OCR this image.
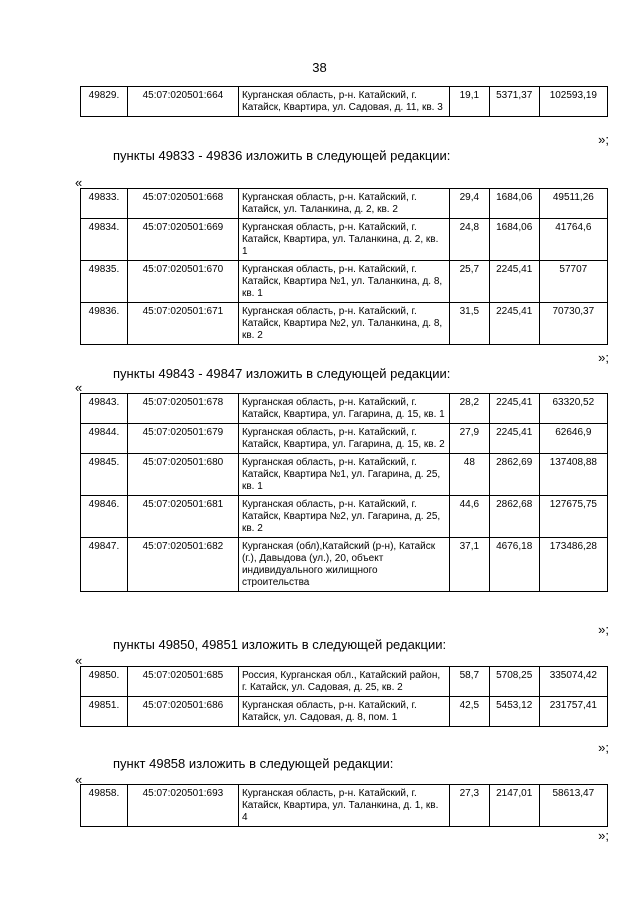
38
49829.	45:07:020501:664	Курганская область, р-н. Катайский, г. Катайск, Квартира, ул. Садовая, д. 11, кв. 3	19,1	5371,37	102593,19
»;
пункты 49833 - 49836 изложить в следующей редакции:
«
49833.	45:07:020501:668	Курганская область, р-н. Катайский, г. Катайск, ул. Таланкина, д. 2, кв. 2	29,4	1684,06	49511,26
49834.	45:07:020501:669	Курганская область, р-н. Катайский, г. Катайск, Квартира, ул. Таланкина, д. 2, кв. 1	24,8	1684,06	41764,6
49835.	45:07:020501:670	Курганская область, р-н. Катайский, г. Катайск, Квартира №1, ул. Таланкина, д. 8, кв. 1	25,7	2245,41	57707
49836.	45:07:020501:671	Курганская область, р-н. Катайский, г. Катайск, Квартира №2, ул. Таланкина, д. 8, кв. 2	31,5	2245,41	70730,37
»;
пункты 49843 - 49847 изложить в следующей редакции:
«
49843.	45:07:020501:678	Курганская область, р-н. Катайский, г. Катайск, Квартира, ул. Гагарина, д. 15, кв. 1	28,2	2245,41	63320,52
49844.	45:07:020501:679	Курганская область, р-н. Катайский, г. Катайск, Квартира, ул. Гагарина, д. 15, кв. 2	27,9	2245,41	62646,9
49845.	45:07:020501:680	Курганская область, р-н. Катайский, г. Катайск, Квартира №1, ул. Гагарина, д. 25, кв. 1	48	2862,69	137408,88
49846.	45:07:020501:681	Курганская область, р-н. Катайский, г. Катайск, Квартира №2, ул. Гагарина, д. 25, кв. 2	44,6	2862,68	127675,75
49847.	45:07:020501:682	Курганская (обл),Катайский (р-н), Катайск (г.), Давыдова (ул.), 20, объект индивидуального жилищного строительства	37,1	4676,18	173486,28
»;
пункты 49850, 49851 изложить в следующей редакции:
«
49850.	45:07:020501:685	Россия, Курганская обл., Катайский район, г. Катайск, ул. Садовая, д. 25, кв. 2	58,7	5708,25	335074,42
49851.	45:07:020501:686	Курганская область, р-н. Катайский, г. Катайск, ул. Садовая, д. 8, пом. 1	42,5	5453,12	231757,41
»;
пункт 49858 изложить в следующей редакции:
«
49858.	45:07:020501:693	Курганская область, р-н. Катайский, г. Катайск, Квартира, ул. Таланкина, д. 1, кв. 4	27,3	2147,01	58613,47
»;
